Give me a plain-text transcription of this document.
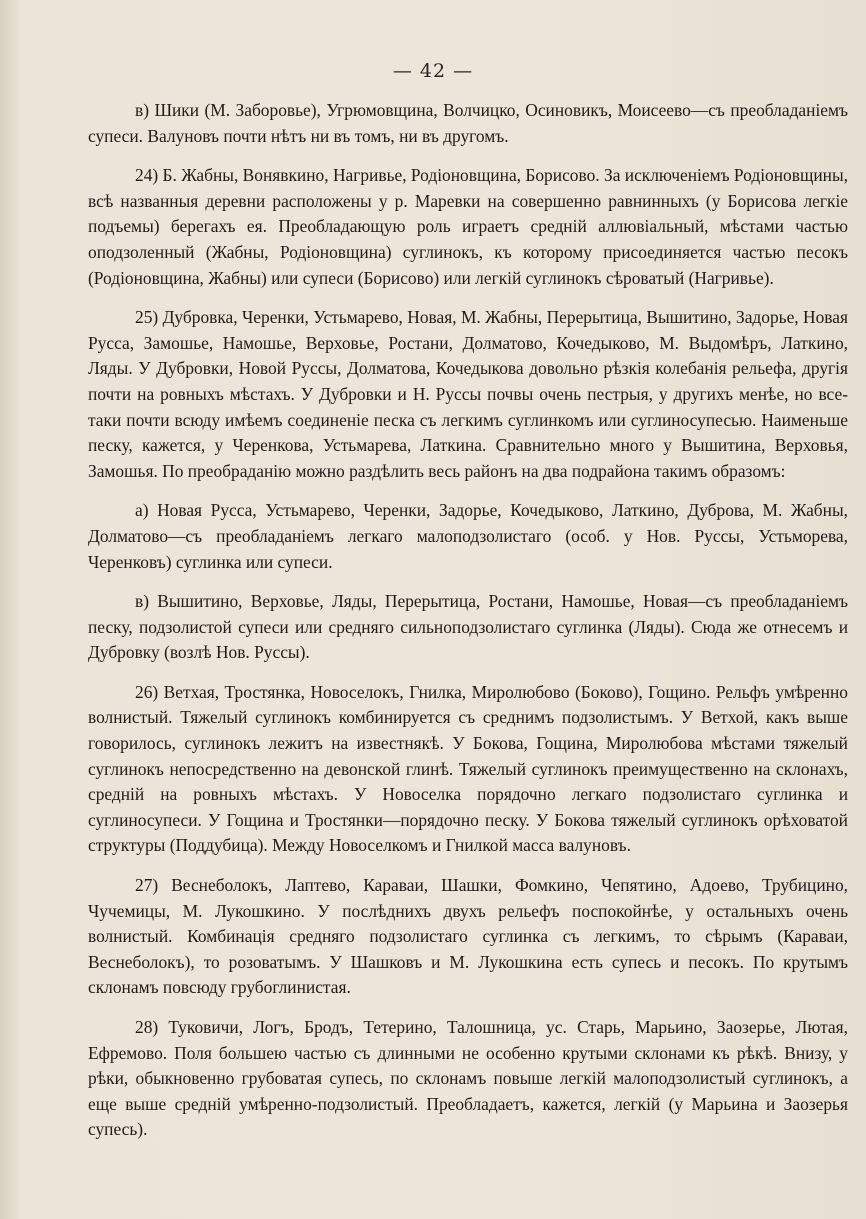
— 42 —

в) Шики (М. Заборовье), Угрюмовщина, Волчицко, Осиновикъ, Моисеево—съ преобладаніемъ супеси. Валуновъ почти нѣтъ ни въ томъ, ни въ другомъ.

24) Б. Жабны, Вонявкино, Нагривье, Родіоновщина, Борисово. За исключеніемъ Родіоновщины, всѣ названныя деревни расположены у р. Маревки на совершенно равнинныхъ (у Борисова легкіе подъемы) берегахъ ея. Преобладающую роль играетъ средній аллювіальный, мѣстами частью оподзоленный (Жабны, Родіоновщина) суглинокъ, къ которому присоединяется частью песокъ (Родіоновщина, Жабны) или супеси (Борисово) или легкій суглинокъ сѣроватый (Нагривье).

25) Дубровка, Черенки, Устьмарево, Новая, М. Жабны, Перерытица, Вышитино, Задорье, Новая Русса, Замошье, Намошье, Верховье, Ростани, Долматово, Кочедыково, М. Выдомѣръ, Латкино, Ляды. У Дубровки, Новой Руссы, Долматова, Кочедыкова довольно рѣзкія колебанія рельефа, другія почти на ровныхъ мѣстахъ. У Дубровки и Н. Руссы почвы очень пестрыя, у другихъ менѣе, но все-таки почти всюду имѣемъ соединеніе песка съ легкимъ суглинкомъ или суглиносупесью. Наименьше песку, кажется, у Черенкова, Устьмарева, Латкина. Сравнительно много у Вышитина, Верховья, Замошья. По преобраданію можно раздѣлить весь районъ на два подрайона такимъ образомъ:

а) Новая Русса, Устьмарево, Черенки, Задорье, Кочедыково, Латкино, Дуброва, М. Жабны, Долматово—съ преобладаніемъ легкаго малоподзолистаго (особ. у Нов. Руссы, Устьморева, Черенковъ) суглинка или супеси.

в) Вышитино, Верховье, Ляды, Перерытица, Ростани, Намошье, Новая—съ преобладаніемъ песку, подзолистой супеси или средняго сильноподзолистаго суглинка (Ляды). Сюда же отнесемъ и Дубровку (возлѣ Нов. Руссы).

26) Ветхая, Тростянка, Новоселокъ, Гнилка, Миролюбово (Боково), Гощино. Рельфъ умѣренно волнистый. Тяжелый суглинокъ комбинируется съ среднимъ подзолистымъ. У Ветхой, какъ выше говорилось, суглинокъ лежитъ на известнякѣ. У Бокова, Гощина, Миролюбова мѣстами тяжелый суглинокъ непосредственно на девонской глинѣ. Тяжелый суглинокъ преимущественно на склонахъ, средній на ровныхъ мѣстахъ. У Новоселка порядочно легкаго подзолистаго суглинка и суглиносупеси. У Гощина и Тростянки—порядочно песку. У Бокова тяжелый суглинокъ орѣховатой структуры (Поддубица). Между Новоселкомъ и Гнилкой масса валуновъ.

27) Веснеболокъ, Лаптево, Караваи, Шашки, Фомкино, Чепятино, Адоево, Трубицино, Чучемицы, М. Лукошкино. У послѣднихъ двухъ рельефъ поспокойнѣе, у остальныхъ очень волнистый. Комбинація средняго подзолистаго суглинка съ легкимъ, то сѣрымъ (Караваи, Веснеболокъ), то розоватымъ. У Шашковъ и М. Лукошкина есть супесь и песокъ. По крутымъ склонамъ повсюду грубоглинистая.

28) Туковичи, Логъ, Бродъ, Тетерино, Талошница, ус. Старь, Марьино, Заозерье, Лютая, Ефремово. Поля большею частью съ длинными не особенно крутыми склонами къ рѣкѣ. Внизу, у рѣки, обыкновенно грубоватая супесь, по склонамъ повыше легкій малоподзолистый суглинокъ, а еще выше средній умѣренно-подзолистый. Преобладаетъ, кажется, легкій (у Марьина и Заозерья супесь).
